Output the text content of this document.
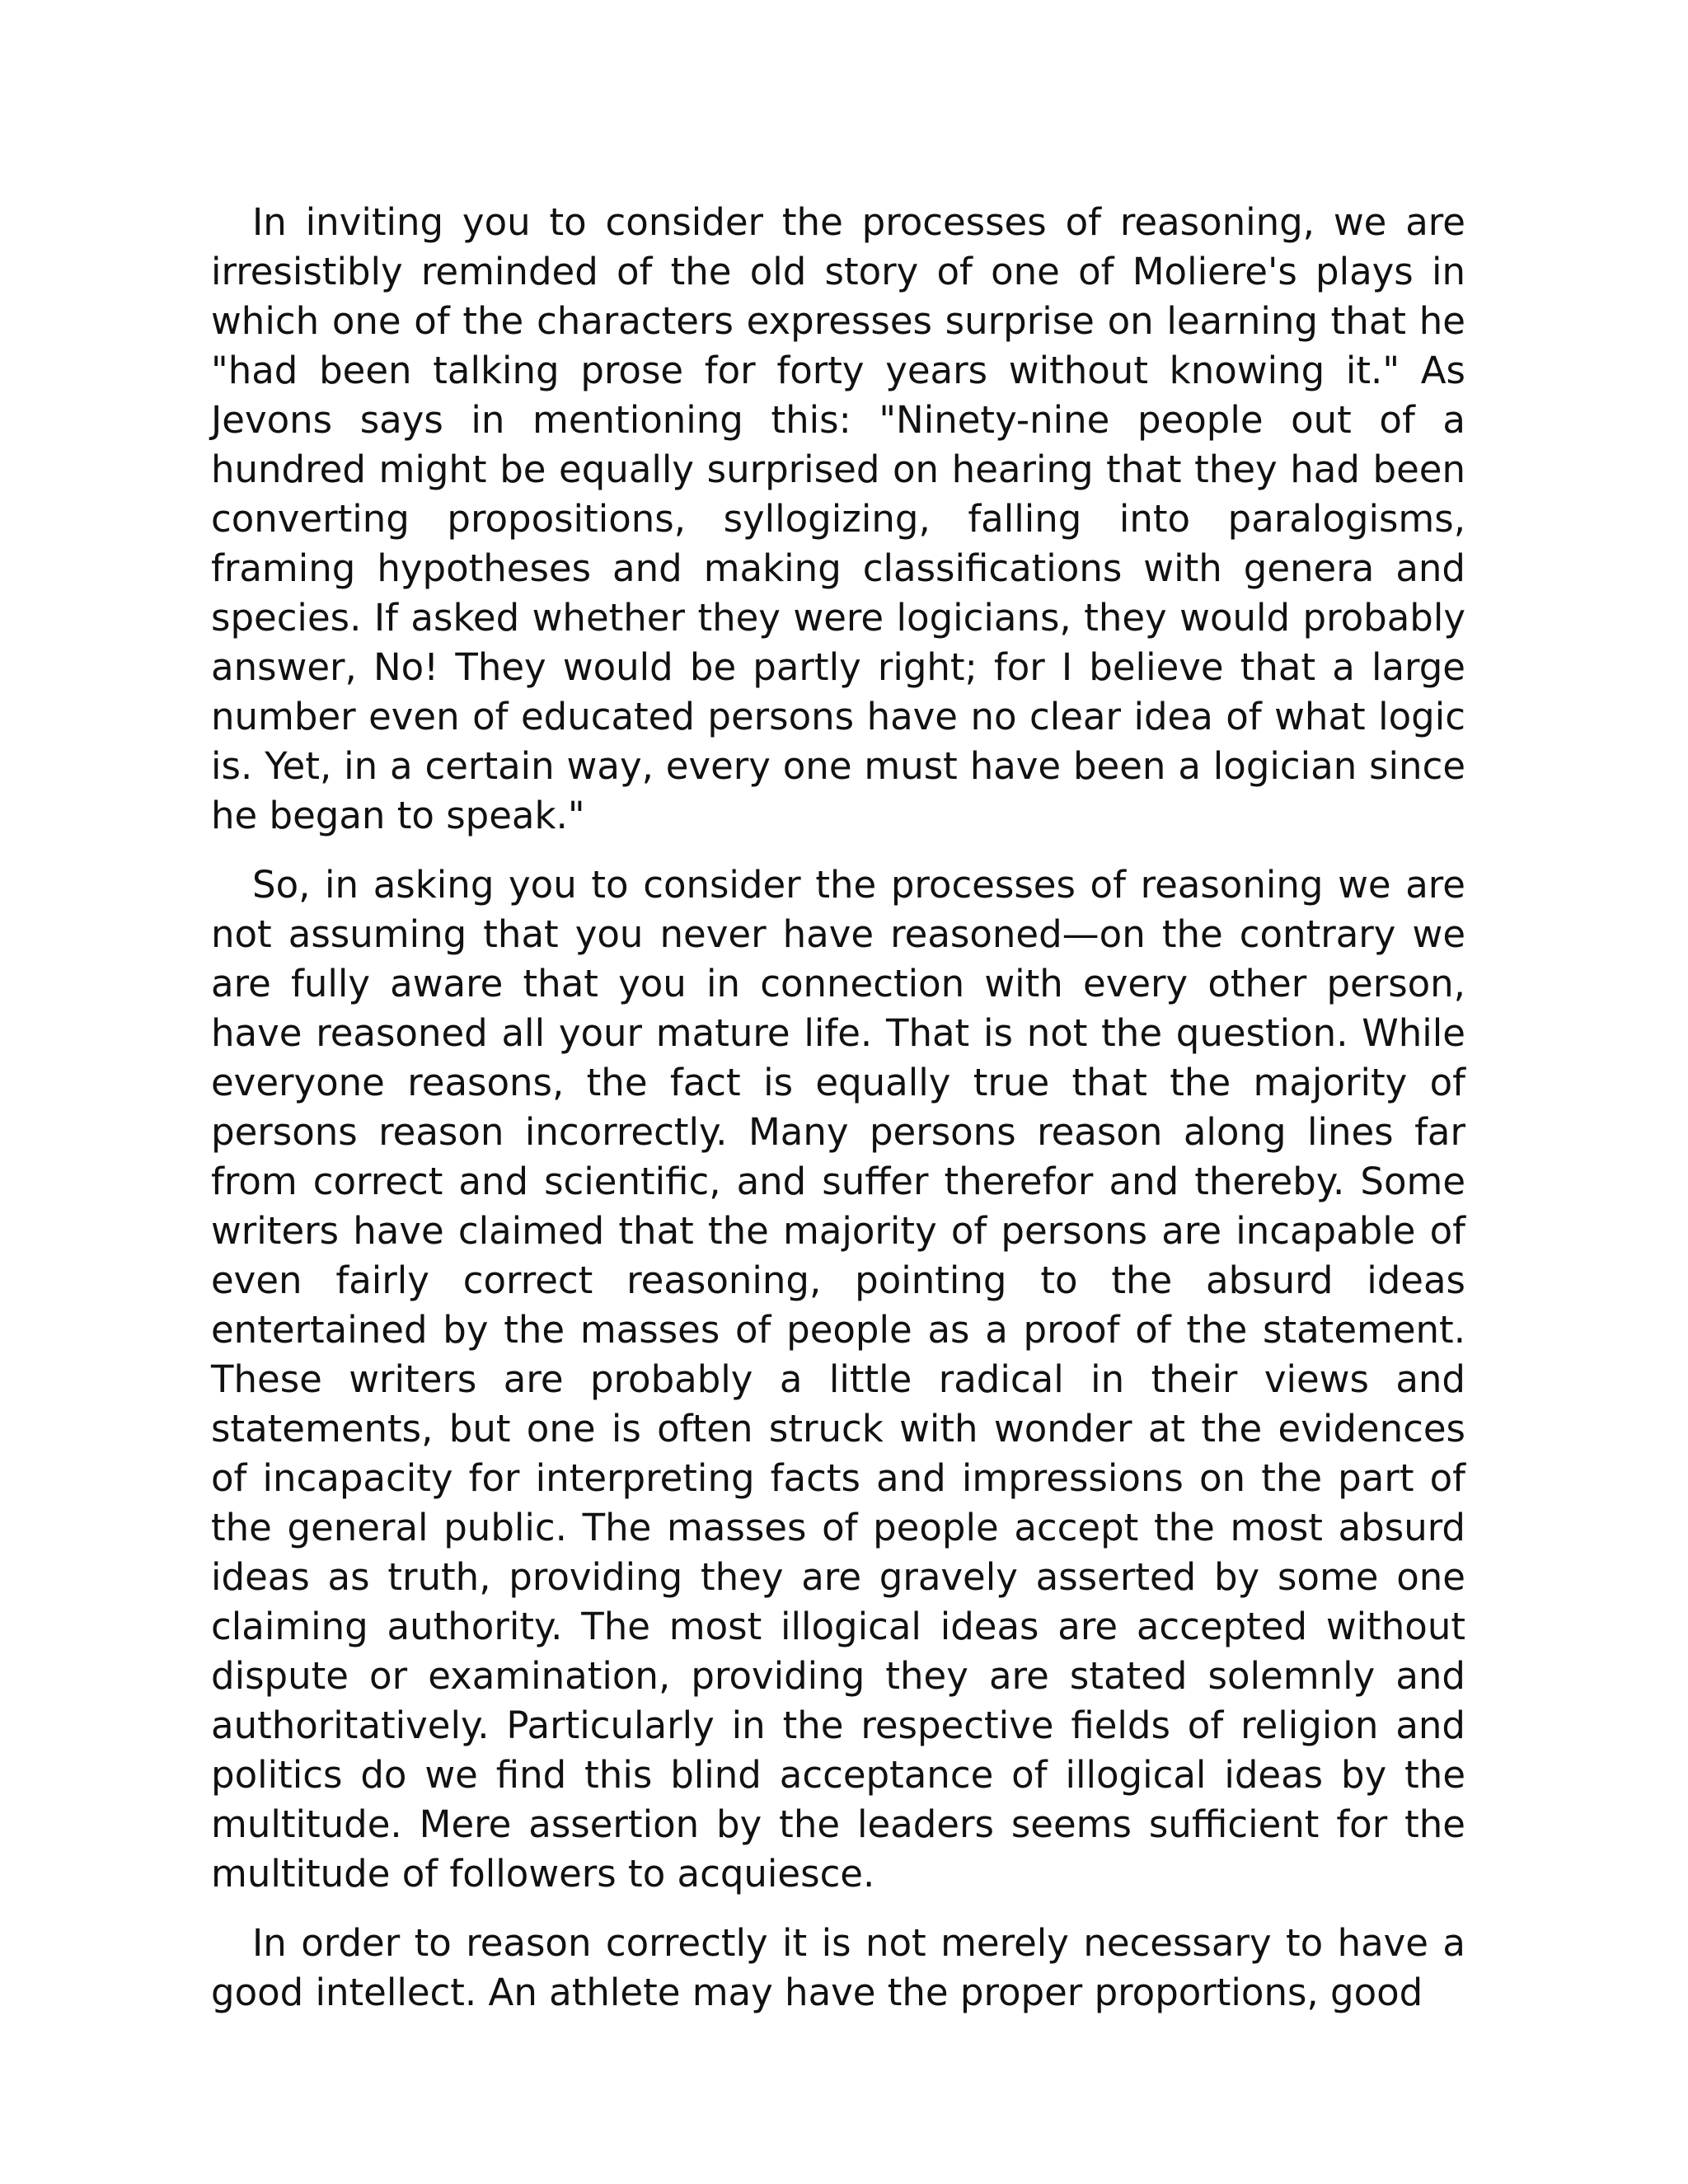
In inviting you to consider the processes of reasoning, we are irresistibly reminded of the old story of one of Moliere's plays in which one of the characters expresses surprise on learning that he "had been talking prose for forty years without knowing it." As Jevons says in mentioning this: "Ninety-nine people out of a hundred might be equally surprised on hearing that they had been converting propositions, syllogizing, falling into paralogisms, framing hypotheses and making classifications with genera and species. If asked whether they were logicians, they would probably answer, No! They would be partly right; for I believe that a large number even of educated persons have no clear idea of what logic is. Yet, in a certain way, every one must have been a logician since he began to speak."

So, in asking you to consider the processes of reasoning we are not assuming that you never have reasoned—on the contrary we are fully aware that you in connection with every other person, have reasoned all your mature life. That is not the question. While everyone reasons, the fact is equally true that the majority of persons reason incorrectly. Many persons reason along lines far from correct and scientific, and suffer therefor and thereby. Some writers have claimed that the majority of persons are incapable of even fairly correct reasoning, pointing to the absurd ideas entertained by the masses of people as a proof of the statement. These writers are probably a little radical in their views and statements, but one is often struck with wonder at the evidences of incapacity for interpreting facts and impressions on the part of the general public. The masses of people accept the most absurd ideas as truth, providing they are gravely asserted by some one claiming authority. The most illogical ideas are accepted without dispute or examination, providing they are stated solemnly and authoritatively. Particularly in the respective fields of religion and politics do we find this blind acceptance of illogical ideas by the multitude. Mere assertion by the leaders seems sufficient for the multitude of followers to acquiesce.

In order to reason correctly it is not merely necessary to have a good intellect. An athlete may have the proper proportions, good
